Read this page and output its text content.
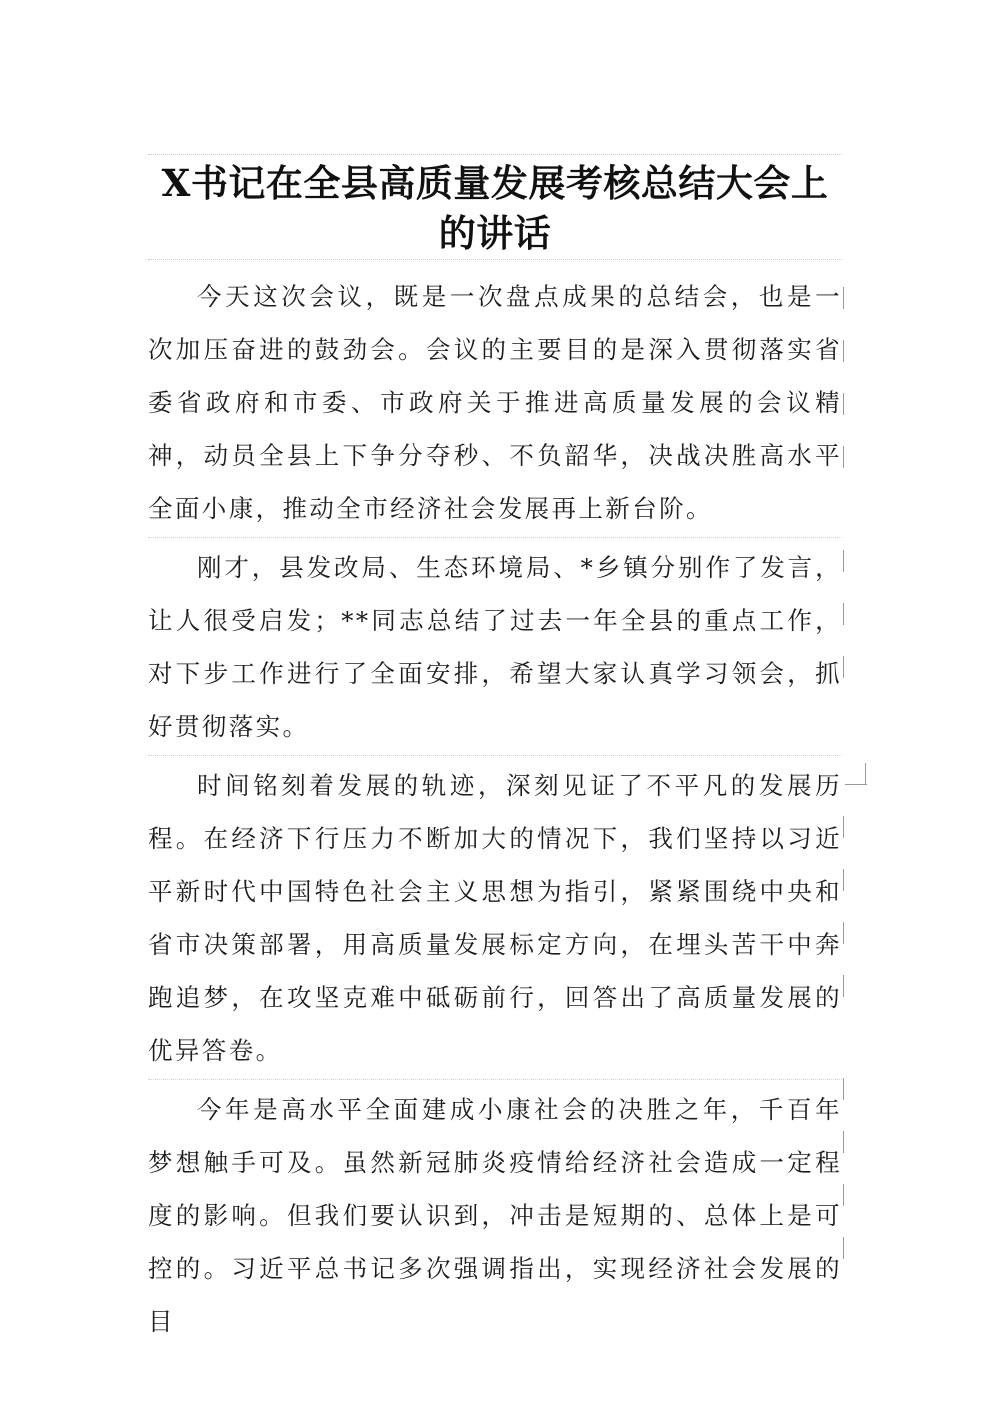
X书记在全县高质量发展考核总结大会上的讲话

今天这次会议，既是一次盘点成果的总结会，也是一次加压奋进的鼓劲会。会议的主要目的是深入贯彻落实省委省政府和市委、市政府关于推进高质量发展的会议精神，动员全县上下争分夺秒、不负韶华，决战决胜高水平全面小康，推动全市经济社会发展再上新台阶。

刚才，县发改局、生态环境局、*乡镇分别作了发言，让人很受启发；**同志总结了过去一年全县的重点工作，对下步工作进行了全面安排，希望大家认真学习领会，抓好贯彻落实。

时间铭刻着发展的轨迹，深刻见证了不平凡的发展历程。在经济下行压力不断加大的情况下，我们坚持以习近平新时代中国特色社会主义思想为指引，紧紧围绕中央和省市决策部署，用高质量发展标定方向，在埋头苦干中奔跑追梦，在攻坚克难中砥砺前行，回答出了高质量发展的优异答卷。

今年是高水平全面建成小康社会的决胜之年，千百年梦想触手可及。虽然新冠肺炎疫情给经济社会造成一定程度的影响。但我们要认识到，冲击是短期的、总体上是可控的。习近平总书记多次强调指出，实现经济社会发展的目
